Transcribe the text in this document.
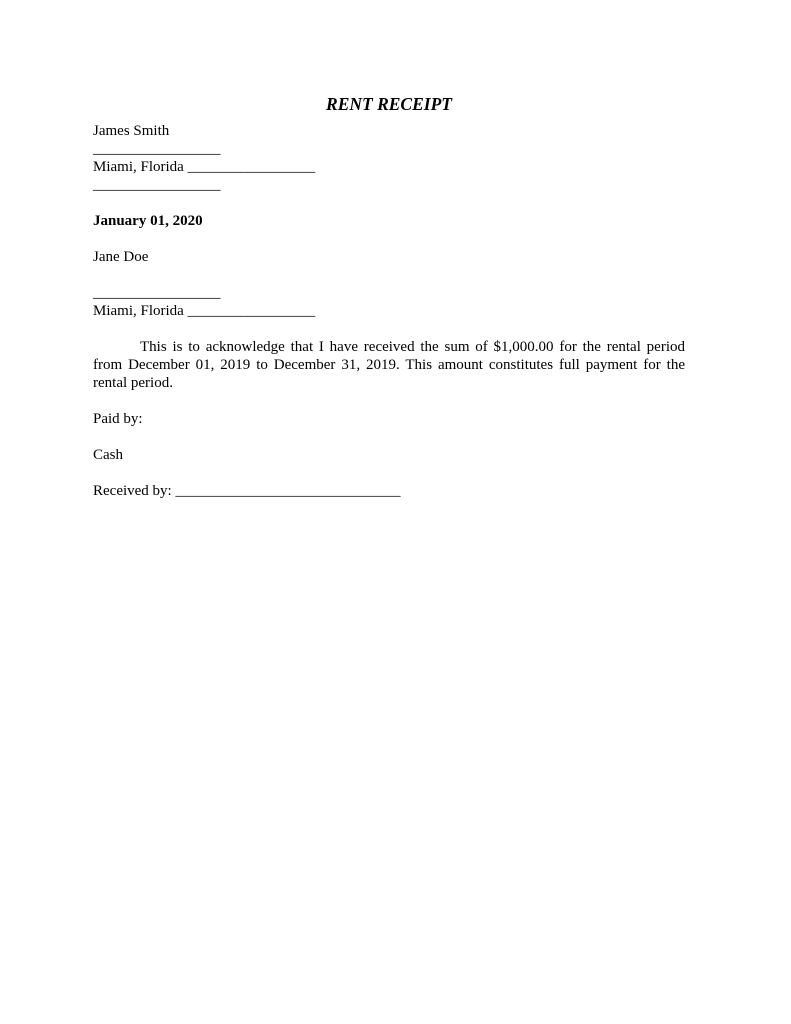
RENT RECEIPT
James Smith
_________________
Miami, Florida _________________
_________________
January 01, 2020
Jane Doe
_________________
Miami, Florida _________________

This is to acknowledge that I have received the sum of $1,000.00 for the rental period from December 01, 2019 to December 31, 2019. This amount constitutes full payment for the rental period.

Paid by:
Cash
Received by: ______________________________
